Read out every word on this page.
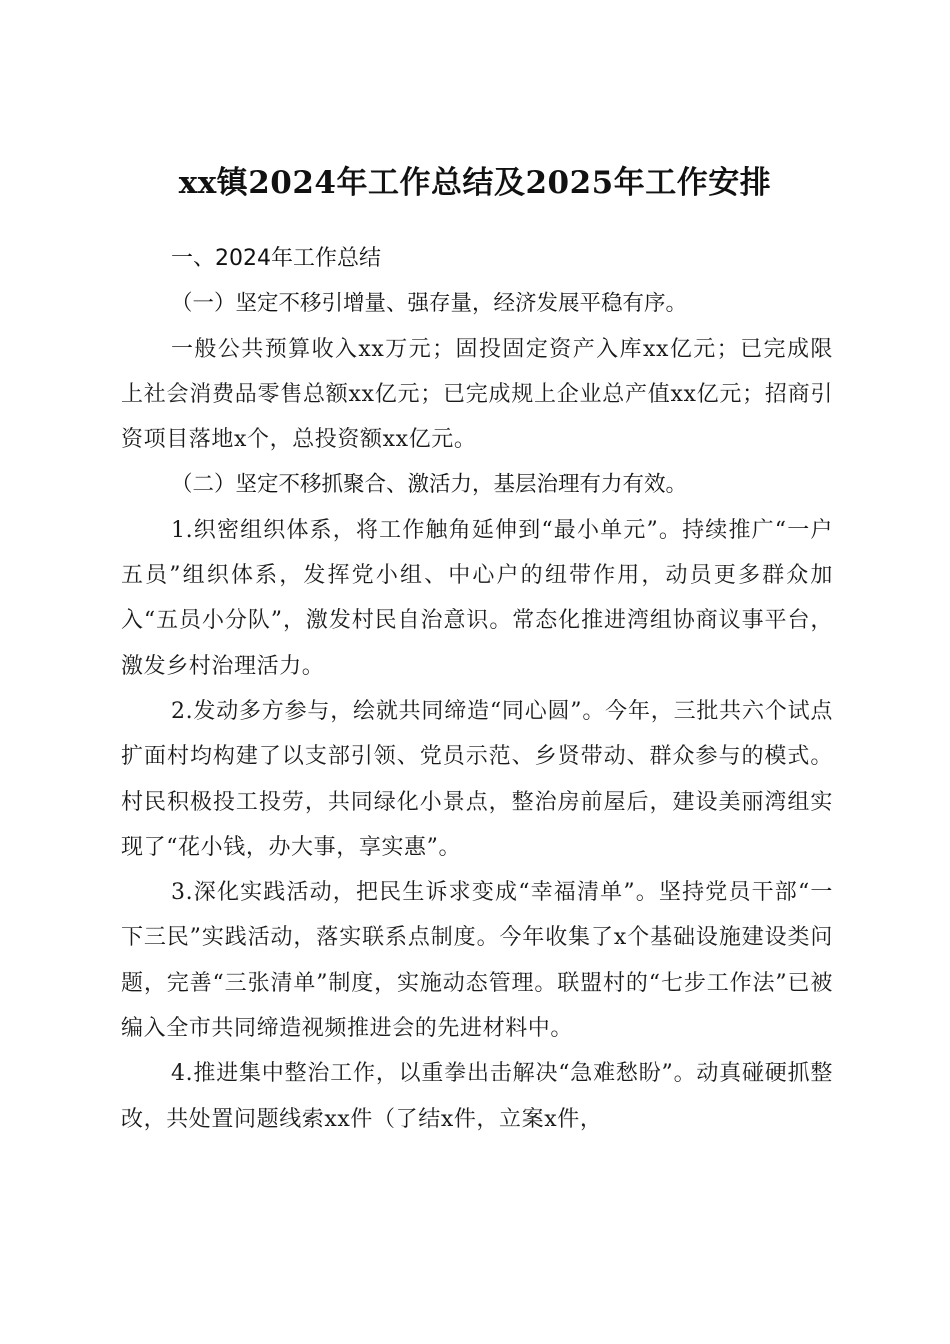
xx镇2024年工作总结及2025年工作安排

一、2024年工作总结

（一）坚定不移引增量、强存量，经济发展平稳有序。

一般公共预算收入xx万元；固投固定资产入库xx亿元；已完成限上社会消费品零售总额xx亿元；已完成规上企业总产值xx亿元；招商引资项目落地x个，总投资额xx亿元。

（二）坚定不移抓聚合、激活力，基层治理有力有效。

1.织密组织体系，将工作触角延伸到“最小单元”。持续推广“一户五员”组织体系，发挥党小组、中心户的纽带作用，动员更多群众加入“五员小分队”，激发村民自治意识。常态化推进湾组协商议事平台，激发乡村治理活力。

2.发动多方参与，绘就共同缔造“同心圆”。今年，三批共六个试点扩面村均构建了以支部引领、党员示范、乡贤带动、群众参与的模式。村民积极投工投劳，共同绿化小景点，整治房前屋后，建设美丽湾组实现了“花小钱，办大事，享实惠”。

3.深化实践活动，把民生诉求变成“幸福清单”。坚持党员干部“一下三民”实践活动，落实联系点制度。今年收集了x个基础设施建设类问题，完善“三张清单”制度，实施动态管理。联盟村的“七步工作法”已被编入全市共同缔造视频推进会的先进材料中。

4.推进集中整治工作，以重拳出击解决“急难愁盼”。动真碰硬抓整改，共处置问题线索xx件（了结x件，立案x件，
